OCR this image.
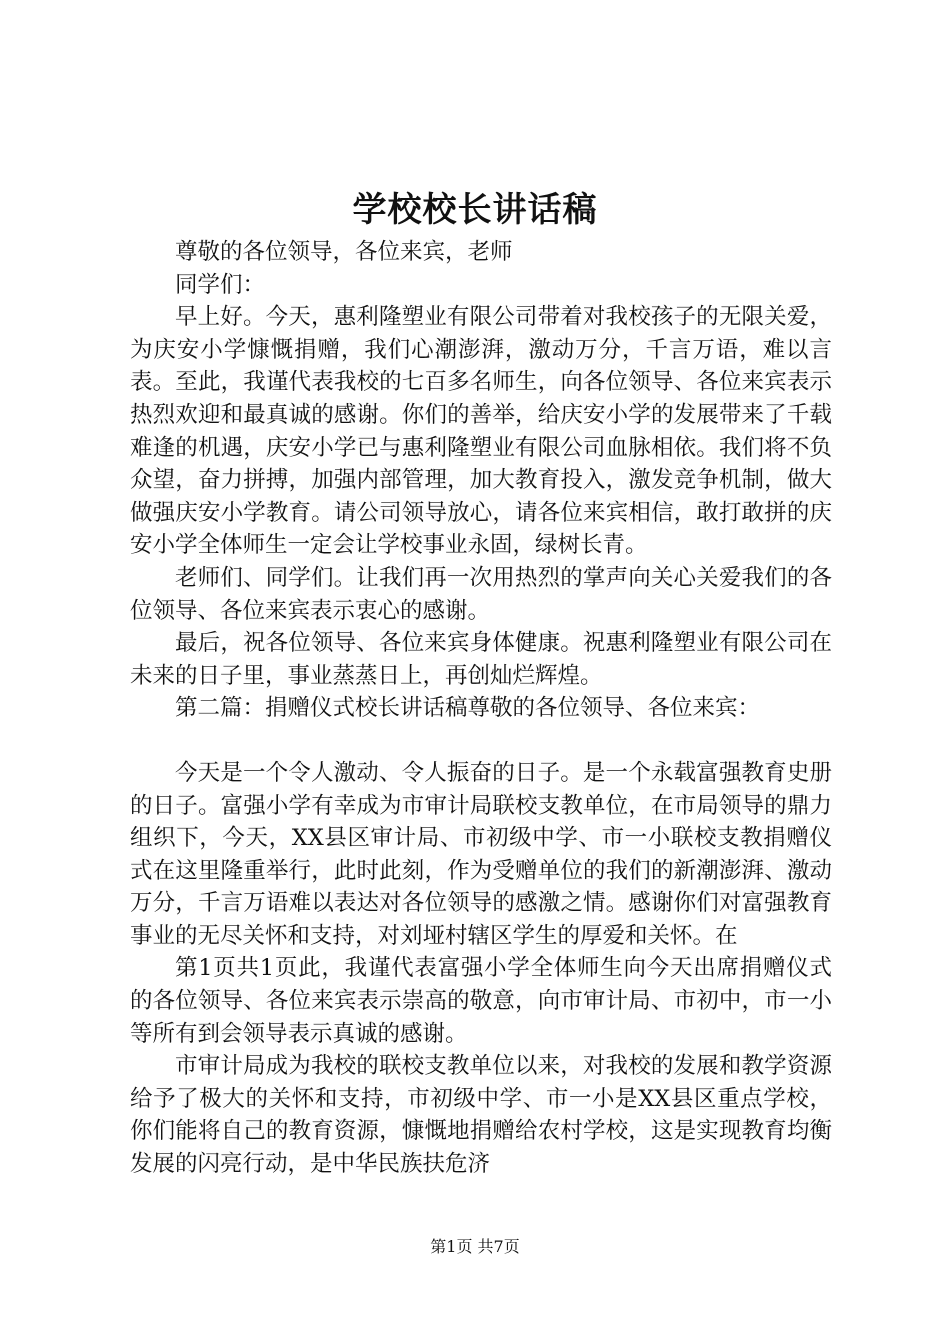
学校校长讲话稿

尊敬的各位领导，各位来宾，老师

同学们：

早上好。今天，惠利隆塑业有限公司带着对我校孩子的无限关爱，为庆安小学慷慨捐赠，我们心潮澎湃，激动万分，千言万语，难以言表。至此，我谨代表我校的七百多名师生，向各位领导、各位来宾表示热烈欢迎和最真诚的感谢。你们的善举，给庆安小学的发展带来了千载难逢的机遇，庆安小学已与惠利隆塑业有限公司血脉相依。我们将不负众望，奋力拼搏，加强内部管理，加大教育投入，激发竞争机制，做大做强庆安小学教育。请公司领导放心，请各位来宾相信，敢打敢拼的庆安小学全体师生一定会让学校事业永固，绿树长青。

老师们、同学们。让我们再一次用热烈的掌声向关心关爱我们的各位领导、各位来宾表示衷心的感谢。

最后，祝各位领导、各位来宾身体健康。祝惠利隆塑业有限公司在未来的日子里，事业蒸蒸日上，再创灿烂辉煌。

第二篇：捐赠仪式校长讲话稿尊敬的各位领导、各位来宾：

今天是一个令人激动、令人振奋的日子。是一个永载富强教育史册的日子。富强小学有幸成为市审计局联校支教单位，在市局领导的鼎力组织下，今天，XX县区审计局、市初级中学、市一小联校支教捐赠仪式在这里隆重举行，此时此刻，作为受赠单位的我们的新潮澎湃、激动万分，千言万语难以表达对各位领导的感激之情。感谢你们对富强教育事业的无尽关怀和支持，对刘垭村辖区学生的厚爱和关怀。在

第1页共1页此，我谨代表富强小学全体师生向今天出席捐赠仪式的各位领导、各位来宾表示崇高的敬意，向市审计局、市初中，市一小等所有到会领导表示真诚的感谢。

市审计局成为我校的联校支教单位以来，对我校的发展和教学资源给予了极大的关怀和支持，市初级中学、市一小是XX县区重点学校，你们能将自己的教育资源，慷慨地捐赠给农村学校，这是实现教育均衡发展的闪亮行动，是中华民族扶危济

第1页 共7页
